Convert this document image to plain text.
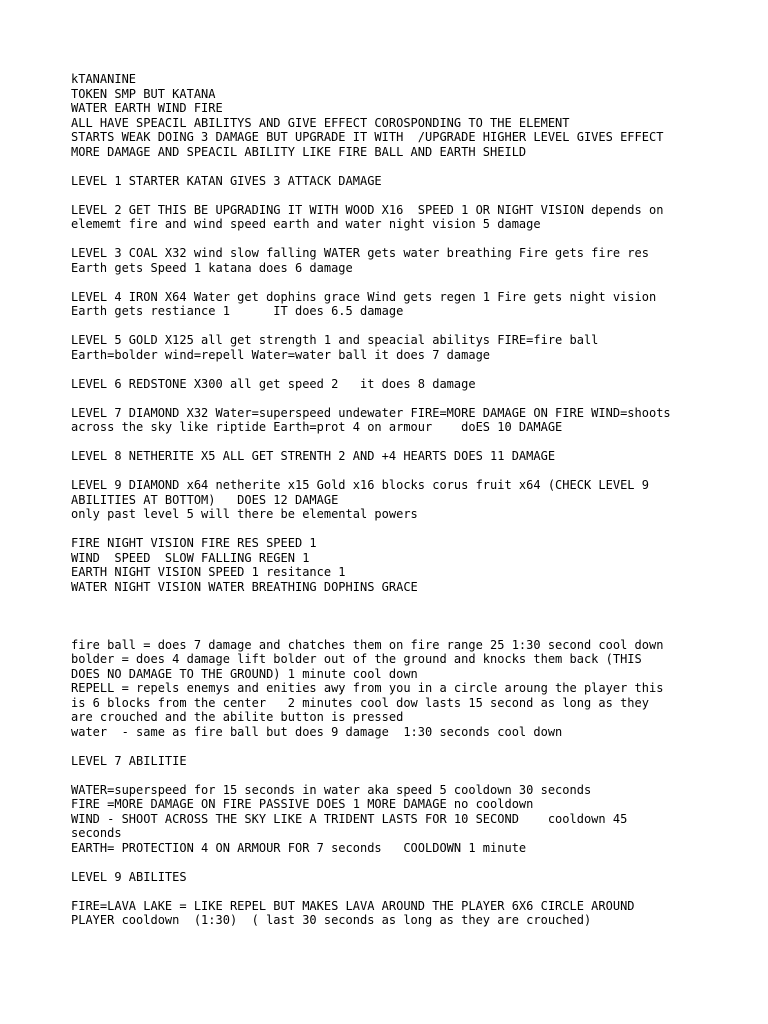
kTANANINE
TOKEN SMP BUT KATANA
WATER EARTH WIND FIRE
ALL HAVE SPEACIL ABILITYS AND GIVE EFFECT COROSPONDING TO THE ELEMENT
STARTS WEAK DOING 3 DAMAGE BUT UPGRADE IT WITH  /UPGRADE HIGHER LEVEL GIVES EFFECT
MORE DAMAGE AND SPEACIL ABILITY LIKE FIRE BALL AND EARTH SHEILD
LEVEL 1 STARTER KATAN GIVES 3 ATTACK DAMAGE
LEVEL 2 GET THIS BE UPGRADING IT WITH WOOD X16  SPEED 1 OR NIGHT VISION depends on
elememt fire and wind speed earth and water night vision 5 damage
LEVEL 3 COAL X32 wind slow falling WATER gets water breathing Fire gets fire res
Earth gets Speed 1 katana does 6 damage
LEVEL 4 IRON X64 Water get dophins grace Wind gets regen 1 Fire gets night vision
Earth gets restiance 1      IT does 6.5 damage
LEVEL 5 GOLD X125 all get strength 1 and speacial abilitys FIRE=fire ball
Earth=bolder wind=repell Water=water ball it does 7 damage
LEVEL 6 REDSTONE X300 all get speed 2   it does 8 damage
LEVEL 7 DIAMOND X32 Water=superspeed undewater FIRE=MORE DAMAGE ON FIRE WIND=shoots
across the sky like riptide Earth=prot 4 on armour    doES 10 DAMAGE
LEVEL 8 NETHERITE X5 ALL GET STRENTH 2 AND +4 HEARTS DOES 11 DAMAGE
LEVEL 9 DIAMOND x64 netherite x15 Gold x16 blocks corus fruit x64 (CHECK LEVEL 9
ABILITIES AT BOTTOM)   DOES 12 DAMAGE
only past level 5 will there be elemental powers
FIRE NIGHT VISION FIRE RES SPEED 1
WIND  SPEED  SLOW FALLING REGEN 1
EARTH NIGHT VISION SPEED 1 resitance 1
WATER NIGHT VISION WATER BREATHING DOPHINS GRACE
fire ball = does 7 damage and chatches them on fire range 25 1:30 second cool down
bolder = does 4 damage lift bolder out of the ground and knocks them back (THIS
DOES NO DAMAGE TO THE GROUND) 1 minute cool down
REPELL = repels enemys and enities awy from you in a circle aroung the player this
is 6 blocks from the center   2 minutes cool dow lasts 15 second as long as they
are crouched and the abilite button is pressed
water  - same as fire ball but does 9 damage  1:30 seconds cool down
LEVEL 7 ABILITIE
WATER=superspeed for 15 seconds in water aka speed 5 cooldown 30 seconds
FIRE =MORE DAMAGE ON FIRE PASSIVE DOES 1 MORE DAMAGE no cooldown
WIND - SHOOT ACROSS THE SKY LIKE A TRIDENT LASTS FOR 10 SECOND    cooldown 45
seconds
EARTH= PROTECTION 4 ON ARMOUR FOR 7 seconds   COOLDOWN 1 minute
LEVEL 9 ABILITES
FIRE=LAVA LAKE = LIKE REPEL BUT MAKES LAVA AROUND THE PLAYER 6X6 CIRCLE AROUND
PLAYER cooldown  (1:30)  ( last 30 seconds as long as they are crouched)
